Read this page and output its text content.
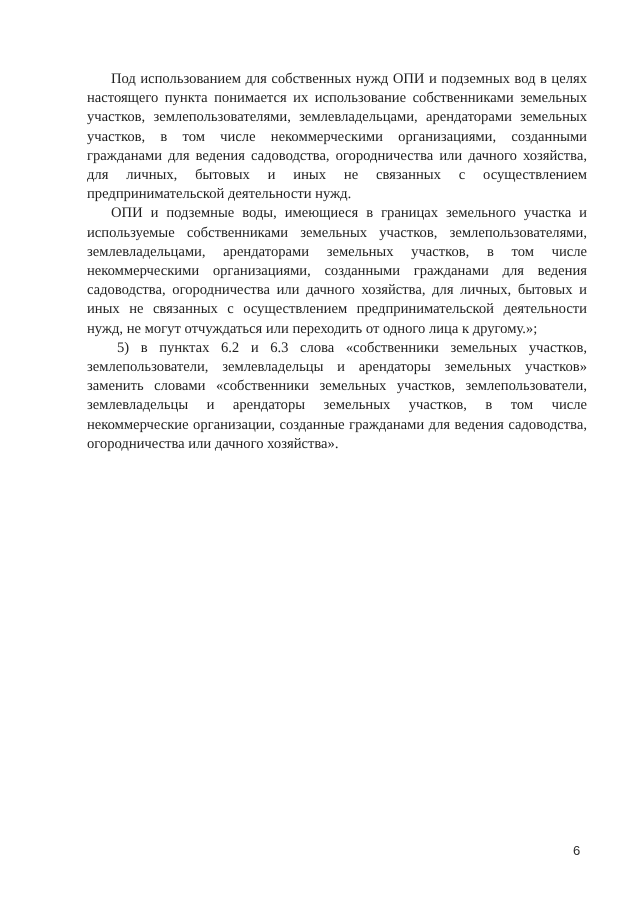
Под использованием для собственных нужд ОПИ и подземных вод в целях настоящего пункта понимается их использование собственниками земельных участков, землепользователями, землевладельцами, арендаторами земельных участков, в том числе некоммерческими организациями, созданными гражданами для ведения садоводства, огородничества или дачного хозяйства, для личных, бытовых и иных не связанных с осуществлением предпринимательской деятельности нужд.

ОПИ и подземные воды, имеющиеся в границах земельного участка и используемые собственниками земельных участков, землепользователями, землевладельцами, арендаторами земельных участков, в том числе некоммерческими организациями, созданными гражданами для ведения садоводства, огородничества или дачного хозяйства, для личных, бытовых и иных не связанных с осуществлением предпринимательской деятельности нужд, не могут отчуждаться или переходить от одного лица к другому.»;

5) в пунктах 6.2 и 6.3 слова «собственники земельных участков, землепользователи, землевладельцы и арендаторы земельных участков» заменить словами «собственники земельных участков, землепользователи, землевладельцы и арендаторы земельных участков, в том числе некоммерческие организации, созданные гражданами для ведения садоводства, огородничества или дачного хозяйства».

6
